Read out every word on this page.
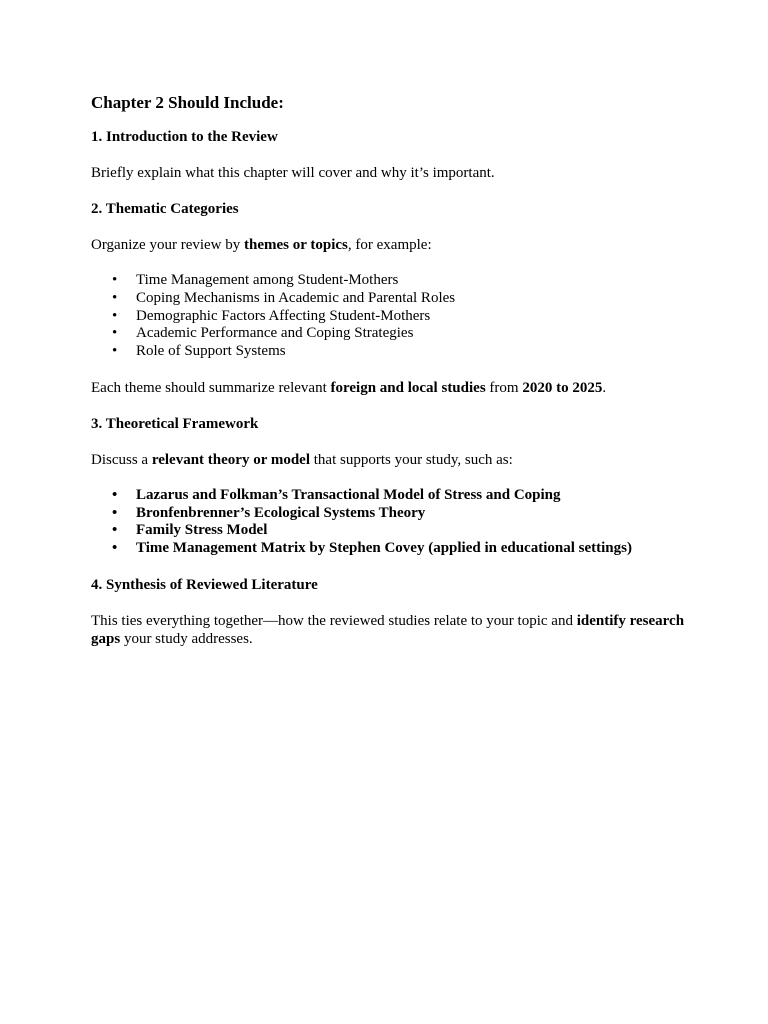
Chapter 2 Should Include:
1. Introduction to the Review

Briefly explain what this chapter will cover and why it’s important.

2. Thematic Categories

Organize your review by themes or topics, for example:

• Time Management among Student-Mothers
• Coping Mechanisms in Academic and Parental Roles
• Demographic Factors Affecting Student-Mothers
• Academic Performance and Coping Strategies
• Role of Support Systems

Each theme should summarize relevant foreign and local studies from 2020 to 2025.

3. Theoretical Framework

Discuss a relevant theory or model that supports your study, such as:

• Lazarus and Folkman’s Transactional Model of Stress and Coping
• Bronfenbrenner’s Ecological Systems Theory
• Family Stress Model
• Time Management Matrix by Stephen Covey (applied in educational settings)
4. Synthesis of Reviewed Literature

This ties everything together—how the reviewed studies relate to your topic and identify research gaps your study addresses.
